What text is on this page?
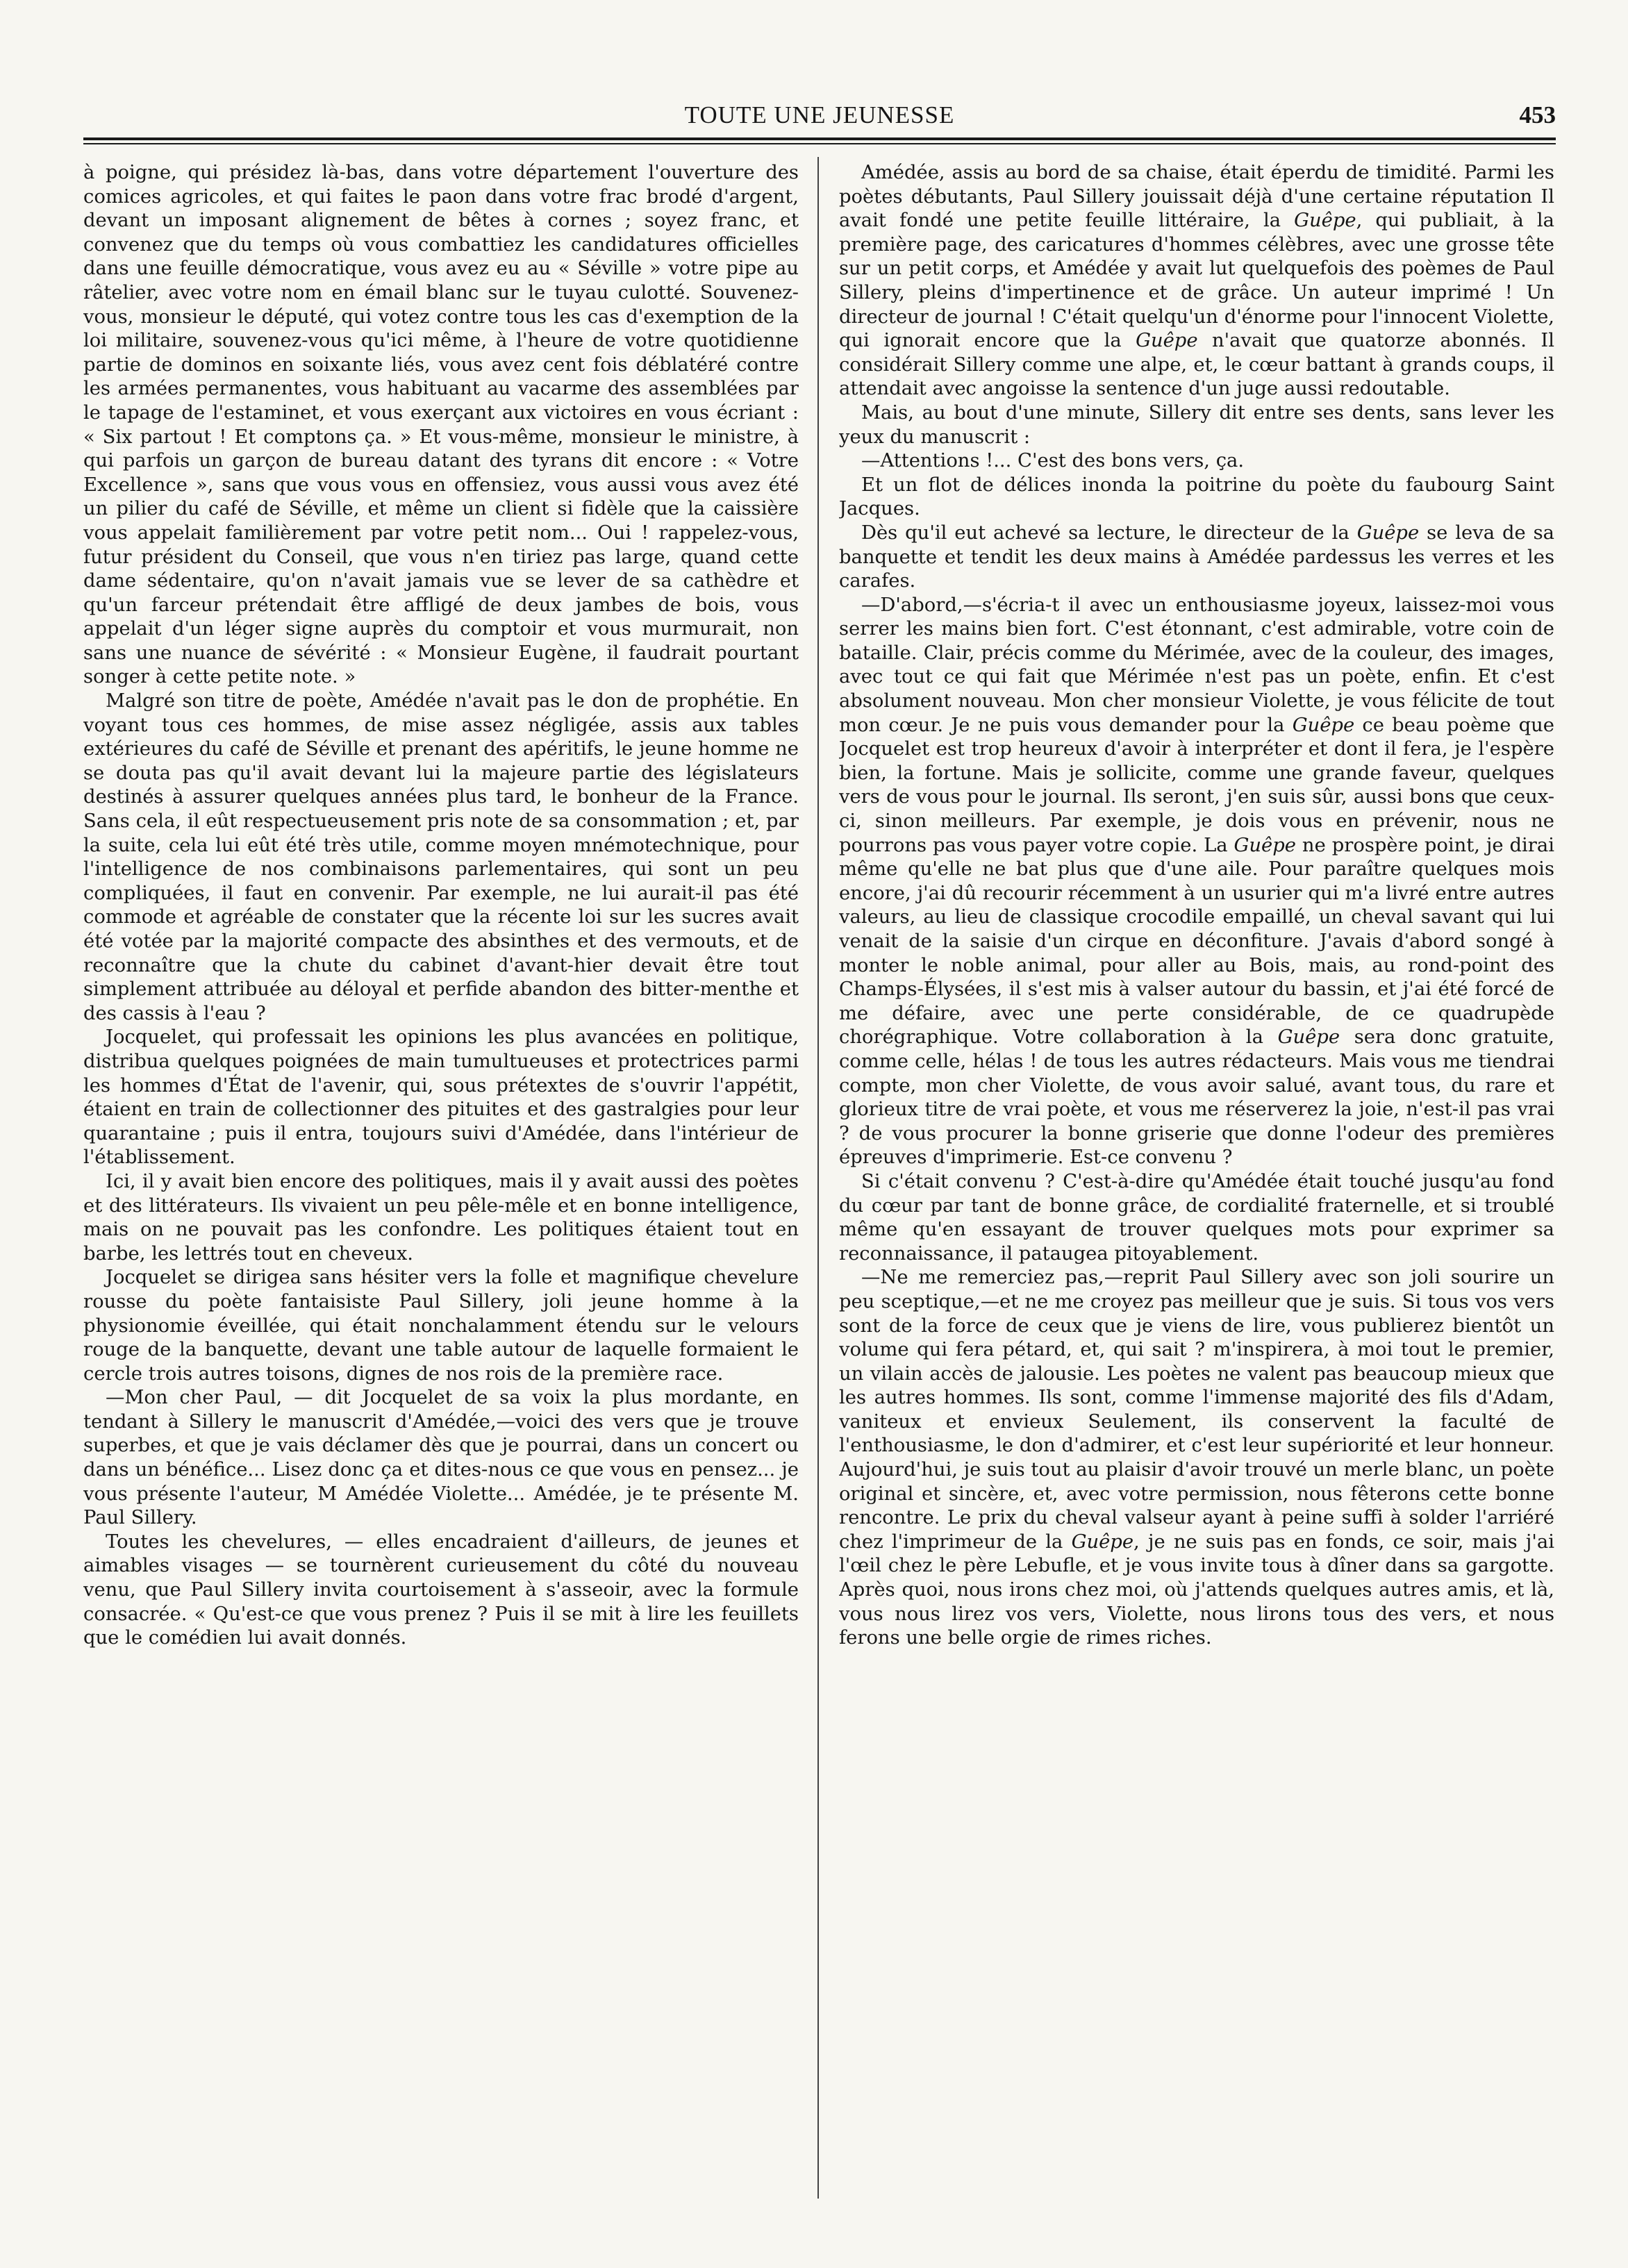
TOUTE UNE JEUNESSE	453

à poigne, qui présidez là-bas, dans votre département l'ouverture des comices agricoles, et qui faites le paon dans votre frac brodé d'argent, devant un imposant alignement de bêtes à cornes ; soyez franc, et convenez que du temps où vous combattiez les candidatures officielles dans une feuille démocratique, vous avez eu au « Séville » votre pipe au râtelier, avec votre nom en émail blanc sur le tuyau culotté. Souvenez-vous, monsieur le député, qui votez contre tous les cas d'exemption de la loi militaire, souvenez-vous qu'ici même, à l'heure de votre quotidienne partie de dominos en soixante liés, vous avez cent fois déblatéré contre les armées permanentes, vous habituant au vacarme des assemblées par le tapage de l'estaminet, et vous exerçant aux victoires en vous écriant : « Six partout ! Et comptons ça. » Et vous-même, monsieur le ministre, à qui parfois un garçon de bureau datant des tyrans dit encore : « Votre Excellence », sans que vous vous en offensiez, vous aussi vous avez été un pilier du café de Séville, et même un client si fidèle que la caissière vous appelait familièrement par votre petit nom... Oui ! rappelez-vous, futur président du Conseil, que vous n'en tiriez pas large, quand cette dame sédentaire, qu'on n'avait jamais vue se lever de sa cathèdre et qu'un farceur prétendait être affligé de deux jambes de bois, vous appelait d'un léger signe auprès du comptoir et vous murmurait, non sans une nuance de sévérité : « Monsieur Eugène, il faudrait pourtant songer à cette petite note. »

Malgré son titre de poète, Amédée n'avait pas le don de prophétie. En voyant tous ces hommes, de mise assez négligée, assis aux tables extérieures du café de Séville et prenant des apéritifs, le jeune homme ne se douta pas qu'il avait devant lui la majeure partie des législateurs destinés à assurer quelques années plus tard, le bonheur de la France. Sans cela, il eût respectueusement pris note de sa consommation ; et, par la suite, cela lui eût été très utile, comme moyen mnémotechnique, pour l'intelligence de nos combinaisons parlementaires, qui sont un peu compliquées, il faut en convenir. Par exemple, ne lui aurait-il pas été commode et agréable de constater que la récente loi sur les sucres avait été votée par la majorité compacte des absinthes et des vermouts, et de reconnaître que la chute du cabinet d'avant-hier devait être tout simplement attribuée au déloyal et perfide abandon des bitter-menthe et des cassis à l'eau ?

Jocquelet, qui professait les opinions les plus avancées en politique, distribua quelques poignées de main tumultueuses et protectrices parmi les hommes d'État de l'avenir, qui, sous prétextes de s'ouvrir l'appétit, étaient en train de collectionner des pituites et des gastralgies pour leur quarantaine ; puis il entra, toujours suivi d'Amédée, dans l'intérieur de l'établissement.

Ici, il y avait bien encore des politiques, mais il y avait aussi des poètes et des littérateurs. Ils vivaient un peu pêle-mêle et en bonne intelligence, mais on ne pouvait pas les confondre. Les politiques étaient tout en barbe, les lettrés tout en cheveux.

Jocquelet se dirigea sans hésiter vers la folle et magnifique chevelure rousse du poète fantaisiste Paul Sillery, joli jeune homme à la physionomie éveillée, qui était nonchalamment étendu sur le velours rouge de la banquette, devant une table autour de laquelle formaient le cercle trois autres toisons, dignes de nos rois de la première race.

—Mon cher Paul, — dit Jocquelet de sa voix la plus mordante, en tendant à Sillery le manuscrit d'Amédée,—voici des vers que je trouve superbes, et que je vais déclamer dès que je pourrai, dans un concert ou dans un bénéfice... Lisez donc ça et dites-nous ce que vous en pensez... je vous présente l'auteur, M Amédée Violette... Amédée, je te présente M. Paul Sillery.

Toutes les chevelures, — elles encadraient d'ailleurs, de jeunes et aimables visages — se tournèrent curieusement du côté du nouveau venu, que Paul Sillery invita courtoisement à s'asseoir, avec la formule consacrée. « Qu'est-ce que vous prenez ? Puis il se mit à lire les feuillets que le comédien lui avait donnés.

Amédée, assis au bord de sa chaise, était éperdu de timidité. Parmi les poètes débutants, Paul Sillery jouissait déjà d'une certaine réputation Il avait fondé une petite feuille littéraire, la Guêpe, qui publiait, à la première page, des caricatures d'hommes célèbres, avec une grosse tête sur un petit corps, et Amédée y avait lut quelquefois des poèmes de Paul Sillery, pleins d'impertinence et de grâce. Un auteur imprimé ! Un directeur de journal ! C'était quelqu'un d'énorme pour l'innocent Violette, qui ignorait encore que la Guêpe n'avait que quatorze abonnés. Il considérait Sillery comme une alpe, et, le cœur battant à grands coups, il attendait avec angoisse la sentence d'un juge aussi redoutable.

Mais, au bout d'une minute, Sillery dit entre ses dents, sans lever les yeux du manuscrit :

—Attentions !... C'est des bons vers, ça.

Et un flot de délices inonda la poitrine du poète du faubourg Saint Jacques.

Dès qu'il eut achevé sa lecture, le directeur de la Guêpe se leva de sa banquette et tendit les deux mains à Amédée pardessus les verres et les carafes.

—D'abord,—s'écria-t il avec un enthousiasme joyeux, laissez-moi vous serrer les mains bien fort. C'est étonnant, c'est admirable, votre coin de bataille. Clair, précis comme du Mérimée, avec de la couleur, des images, avec tout ce qui fait que Mérimée n'est pas un poète, enfin. Et c'est absolument nouveau. Mon cher monsieur Violette, je vous félicite de tout mon cœur. Je ne puis vous demander pour la Guêpe ce beau poème que Jocquelet est trop heureux d'avoir à interpréter et dont il fera, je l'espère bien, la fortune. Mais je sollicite, comme une grande faveur, quelques vers de vous pour le journal. Ils seront, j'en suis sûr, aussi bons que ceux-ci, sinon meilleurs. Par exemple, je dois vous en prévenir, nous ne pourrons pas vous payer votre copie. La Guêpe ne prospère point, je dirai même qu'elle ne bat plus que d'une aile. Pour paraître quelques mois encore, j'ai dû recourir récemment à un usurier qui m'a livré entre autres valeurs, au lieu de classique crocodile empaillé, un cheval savant qui lui venait de la saisie d'un cirque en déconfiture. J'avais d'abord songé à monter le noble animal, pour aller au Bois, mais, au rond-point des Champs-Élysées, il s'est mis à valser autour du bassin, et j'ai été forcé de me défaire, avec une perte considérable, de ce quadrupède chorégraphique. Votre collaboration à la Guêpe sera donc gratuite, comme celle, hélas ! de tous les autres rédacteurs. Mais vous me tiendrai compte, mon cher Violette, de vous avoir salué, avant tous, du rare et glorieux titre de vrai poète, et vous me réserverez la joie, n'est-il pas vrai ? de vous procurer la bonne griserie que donne l'odeur des premières épreuves d'imprimerie. Est-ce convenu ?

Si c'était convenu ? C'est-à-dire qu'Amédée était touché jusqu'au fond du cœur par tant de bonne grâce, de cordialité fraternelle, et si troublé même qu'en essayant de trouver quelques mots pour exprimer sa reconnaissance, il pataugea pitoyablement.

—Ne me remerciez pas,—reprit Paul Sillery avec son joli sourire un peu sceptique,—et ne me croyez pas meilleur que je suis. Si tous vos vers sont de la force de ceux que je viens de lire, vous publierez bientôt un volume qui fera pétard, et, qui sait ? m'inspirera, à moi tout le premier, un vilain accès de jalousie. Les poètes ne valent pas beaucoup mieux que les autres hommes. Ils sont, comme l'immense majorité des fils d'Adam, vaniteux et envieux Seulement, ils conservent la faculté de l'enthousiasme, le don d'admirer, et c'est leur supériorité et leur honneur. Aujourd'hui, je suis tout au plaisir d'avoir trouvé un merle blanc, un poète original et sincère, et, avec votre permission, nous fêterons cette bonne rencontre. Le prix du cheval valseur ayant à peine suffi à solder l'arriéré chez l'imprimeur de la Guêpe, je ne suis pas en fonds, ce soir, mais j'ai l'œil chez le père Lebufle, et je vous invite tous à dîner dans sa gargotte. Après quoi, nous irons chez moi, où j'attends quelques autres amis, et là, vous nous lirez vos vers, Violette, nous lirons tous des vers, et nous ferons une belle orgie de rimes riches.
